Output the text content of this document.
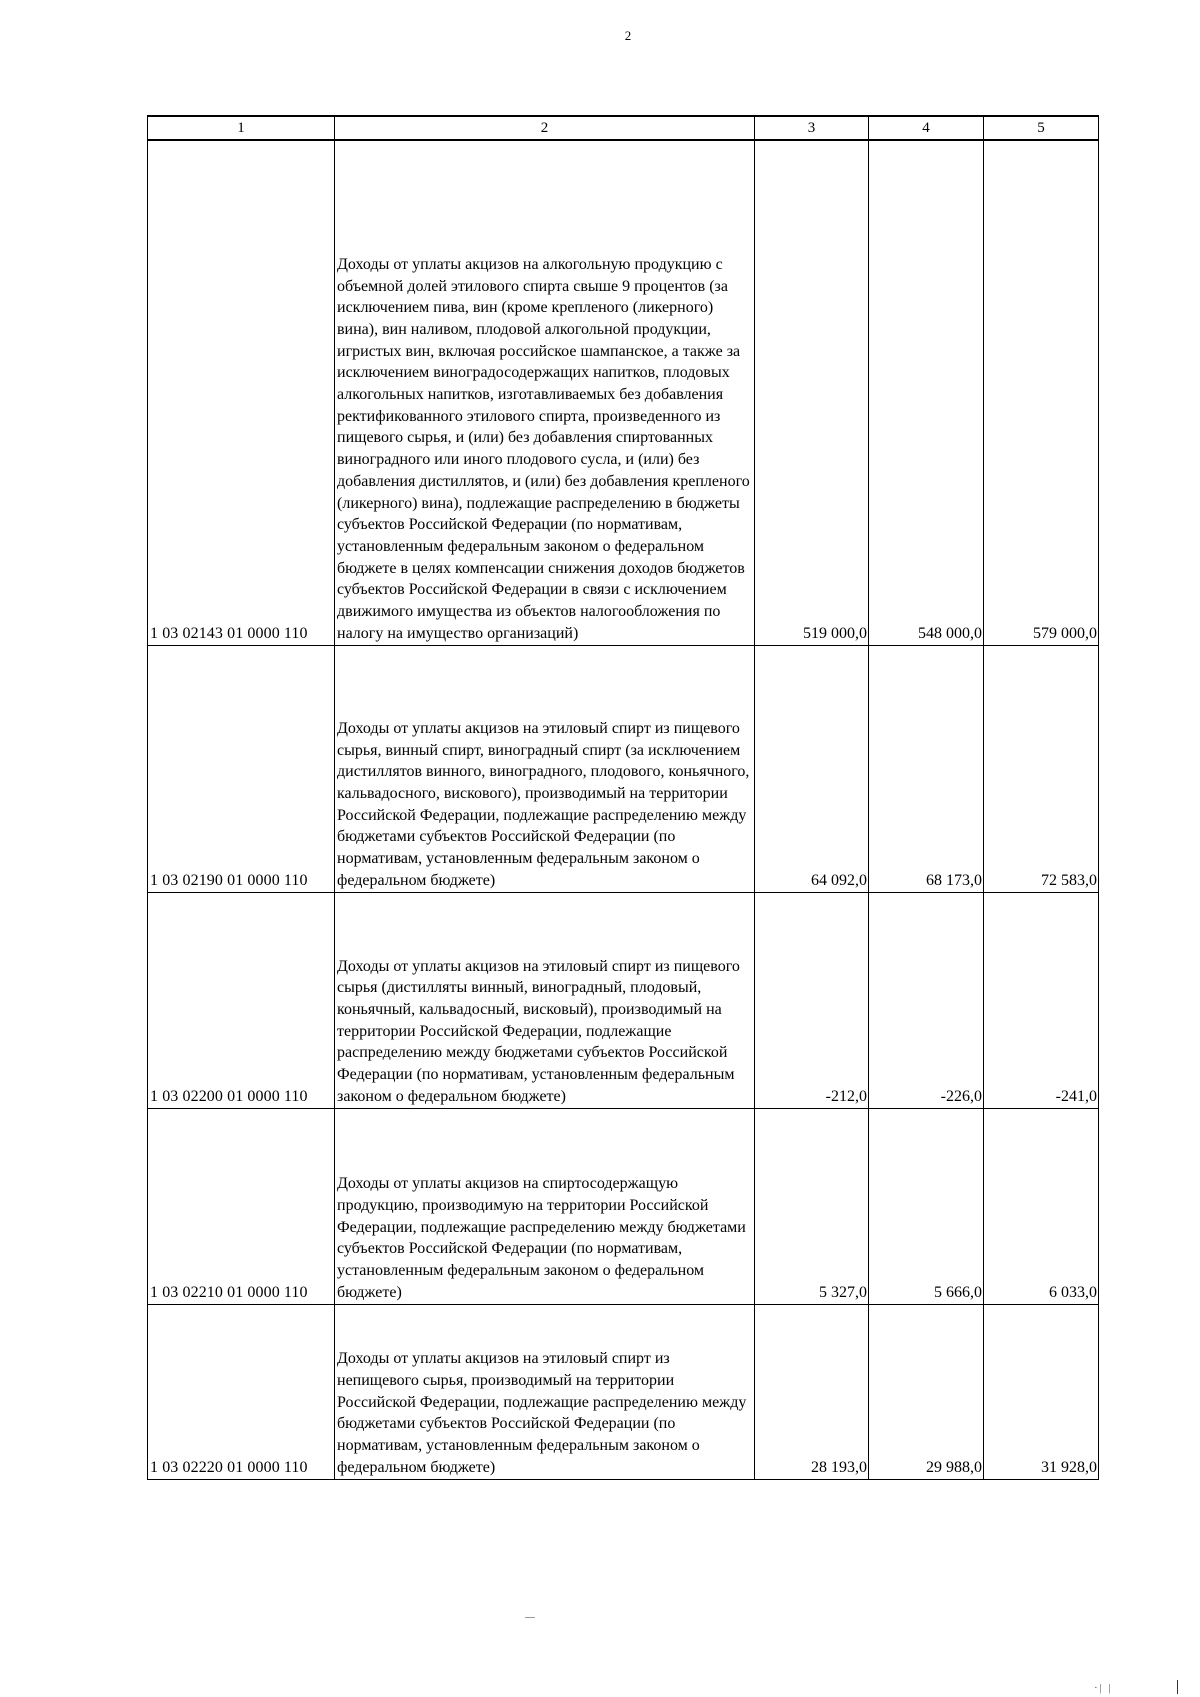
2
1	2	3	4	5
1 03 02143 01 0000 110	Доходы от уплаты акцизов на алкогольную продукцию с объемной долей этилового спирта свыше 9 процентов (за исключением пива, вин (кроме крепленого (ликерного) вина), вин наливом, плодовой алкогольной продукции, игристых вин, включая российское шампанское, а также за исключением виноградосодержащих напитков, плодовых алкогольных напитков, изготавливаемых без добавления ректификованного этилового спирта, произведенного из пищевого сырья, и (или) без добавления спиртованных виноградного или иного плодового сусла, и (или) без добавления дистиллятов, и (или) без добавления крепленого (ликерного) вина), подлежащие распределению в бюджеты субъектов Российской Федерации (по нормативам, установленным федеральным законом о федеральном бюджете в целях компенсации снижения доходов бюджетов субъектов Российской Федерации в связи с исключением движимого имущества из объектов налогообложения по налогу на имущество организаций)	519 000,0	548 000,0	579 000,0
1 03 02190 01 0000 110	Доходы от уплаты акцизов на этиловый спирт из пищевого сырья, винный спирт, виноградный спирт (за исключением дистиллятов винного, виноградного, плодового, коньячного, кальвадосного, вискового), производимый на территории Российской Федерации, подлежащие распределению между бюджетами субъектов Российской Федерации (по нормативам, установленным федеральным законом о федеральном бюджете)	64 092,0	68 173,0	72 583,0
1 03 02200 01 0000 110	Доходы от уплаты акцизов на этиловый спирт из пищевого сырья (дистилляты винный, виноградный, плодовый, коньячный, кальвадосный, висковый), производимый на территории Российской Федерации, подлежащие распределению между бюджетами субъектов Российской Федерации (по нормативам, установленным федеральным законом о федеральном бюджете)	-212,0	-226,0	-241,0
1 03 02210 01 0000 110	Доходы от уплаты акцизов на спиртосодержащую продукцию, производимую на территории Российской Федерации, подлежащие распределению между бюджетами субъектов Российской Федерации (по нормативам, установленным федеральным законом о федеральном бюджете)	5 327,0	5 666,0	6 033,0
1 03 02220 01 0000 110	Доходы от уплаты акцизов на этиловый спирт из непищевого сырья, производимый на территории Российской Федерации, подлежащие распределению между бюджетами субъектов Российской Федерации (по нормативам, установленным федеральным законом о федеральном бюджете)	28 193,0	29 988,0	31 928,0
·| |
